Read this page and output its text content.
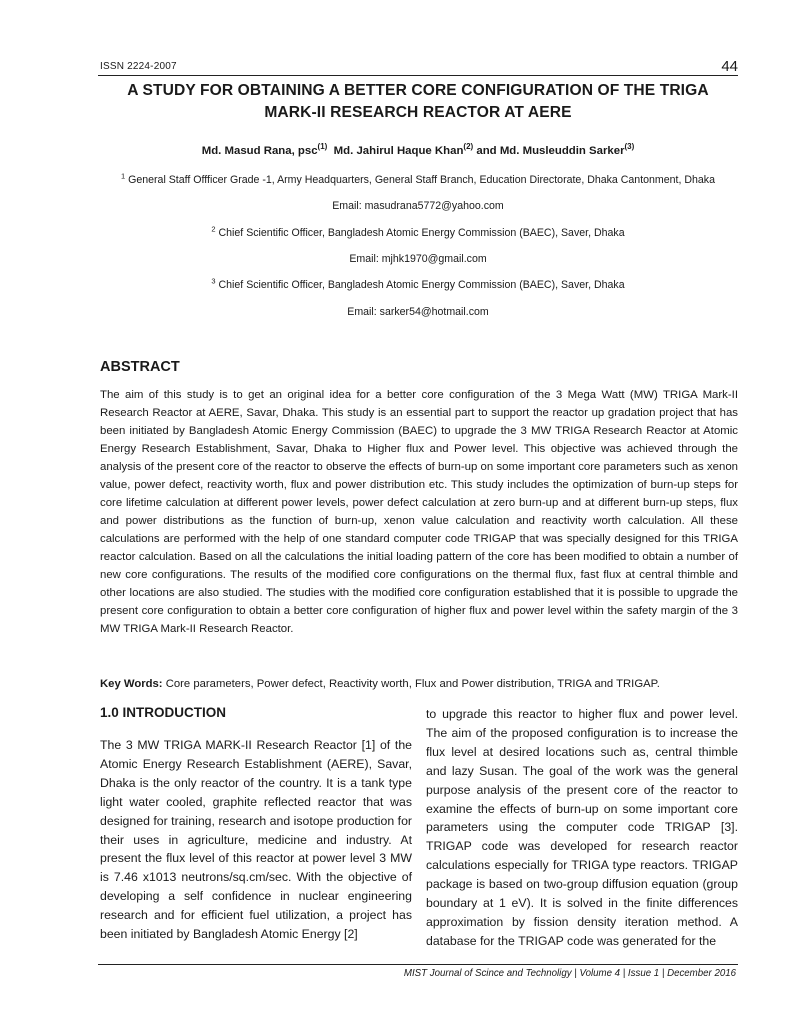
ISSN 2224-2007	44
A STUDY FOR OBTAINING A BETTER CORE CONFIGURATION OF THE TRIGA
MARK-II RESEARCH REACTOR AT AERE
Md. Masud Rana, psc$^{(1)}$ Md. Jahirul Haque Khan$^{(2)}$ and Md. Musleuddin Sarker$^{(3)}$
$^1$ General Staff Offficer Grade -1, Army Headquarters, General Staff Branch, Education Directorate, Dhaka Cantonment, Dhaka
Email: masudrana5772@yahoo.com
$^2$ Chief Scientific Officer, Bangladesh Atomic Energy Commission (BAEC), Saver, Dhaka
Email: mjhk1970@gmail.com
$^3$ Chief Scientific Officer, Bangladesh Atomic Energy Commission (BAEC), Saver, Dhaka
Email: sarker54@hotmail.com
ABSTRACT
The aim of this study is to get an original idea for a better core configuration of the 3 Mega Watt (MW) TRIGA Mark-II Research Reactor at AERE, Savar, Dhaka. This study is an essential part to support the reactor up gradation project that has been initiated by Bangladesh Atomic Energy Commission (BAEC) to upgrade the 3 MW TRIGA Research Reactor at Atomic Energy Research Establishment, Savar, Dhaka to Higher flux and Power level. This objective was achieved through the analysis of the present core of the reactor to observe the effects of burn-up on some important core parameters such as xenon value, power defect, reactivity worth, flux and power distribution etc. This study includes the optimization of burn-up steps for core lifetime calculation at different power levels, power defect calculation at zero burn-up and at different burn-up steps, flux and power distributions as the function of burn-up, xenon value calculation and reactivity worth calculation. All these calculations are performed with the help of one standard computer code TRIGAP that was specially designed for this TRIGA reactor calculation. Based on all the calculations the initial loading pattern of the core has been modified to obtain a number of new core configurations. The results of the modified core configurations on the thermal flux, fast flux at central thimble and other locations are also studied. The studies with the modified core configuration established that it is possible to upgrade the present core configuration to obtain a better core configuration of higher flux and power level within the safety margin of the 3 MW TRIGA Mark-II Research Reactor.
Key Words: Core parameters, Power defect, Reactivity worth, Flux and Power distribution, TRIGA and TRIGAP.
1.0 INTRODUCTION
The 3 MW TRIGA MARK-II Research Reactor [1] of the Atomic Energy Research Establishment (AERE), Savar, Dhaka is the only reactor of the country. It is a tank type light water cooled, graphite reflected reactor that was designed for training, research and isotope production for their uses in agriculture, medicine and industry. At present the flux level of this reactor at power level 3 MW is 7.46 x1013 neutrons/sq.cm/sec. With the objective of developing a self confidence in nuclear engineering research and for efficient fuel utilization, a project has been initiated by Bangladesh Atomic Energy [2]
to upgrade this reactor to higher flux and power level. The aim of the proposed configuration is to increase the flux level at desired locations such as, central thimble and lazy Susan. The goal of the work was the general purpose analysis of the present core of the reactor to examine the effects of burn-up on some important core parameters using the computer code TRIGAP [3]. TRIGAP code was developed for research reactor calculations especially for TRIGA type reactors. TRIGAP package is based on two-group diffusion equation (group boundary at 1 eV). It is solved in the finite differences approximation by fission density iteration method. A database for the TRIGAP code was generated for the
MIST Journal of Scince and Technoligy | Volume 4 | Issue 1 | December 2016
